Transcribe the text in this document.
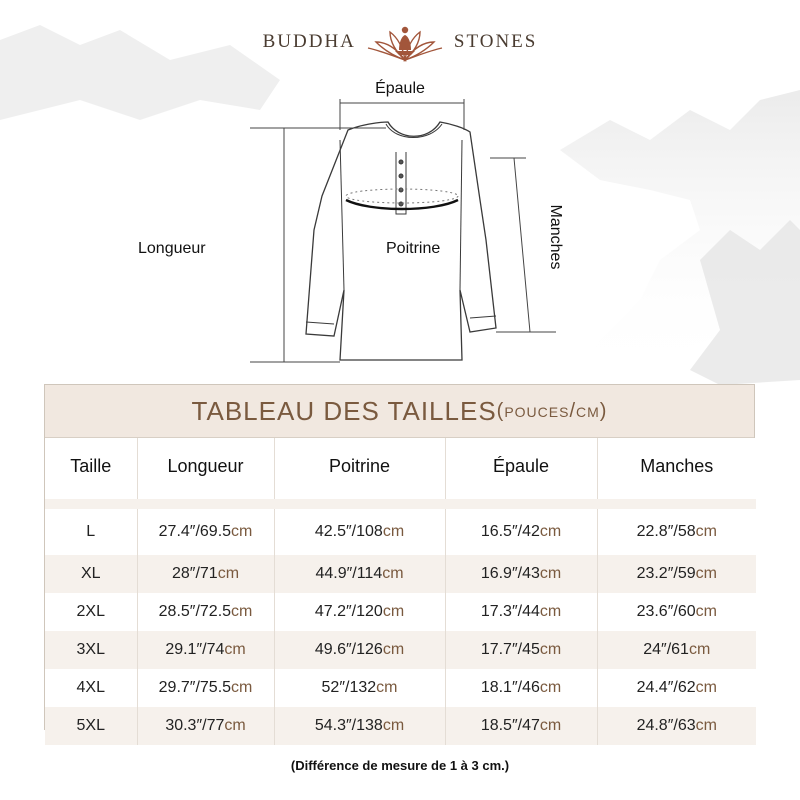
BUDDHA	STONES
Épaule
Longueur	Poitrine	Manches
TABLEAU DES TAILLES (pouces/cm)
Taille	Longueur	Poitrine	Épaule	Manches

L	27.4″/69.5cm	42.5″/108cm	16.5″/42cm	22.8″/58cm
XL	28″/71cm	44.9″/114cm	16.9″/43cm	23.2″/59cm
2XL	28.5″/72.5cm	47.2″/120cm	17.3″/44cm	23.6″/60cm
3XL	29.1″/74cm	49.6″/126cm	17.7″/45cm	24″/61cm
4XL	29.7″/75.5cm	52″/132cm	18.1″/46cm	24.4″/62cm
5XL	30.3″/77cm	54.3″/138cm	18.5″/47cm	24.8″/63cm
(Différence de mesure de 1 à 3 cm.)
